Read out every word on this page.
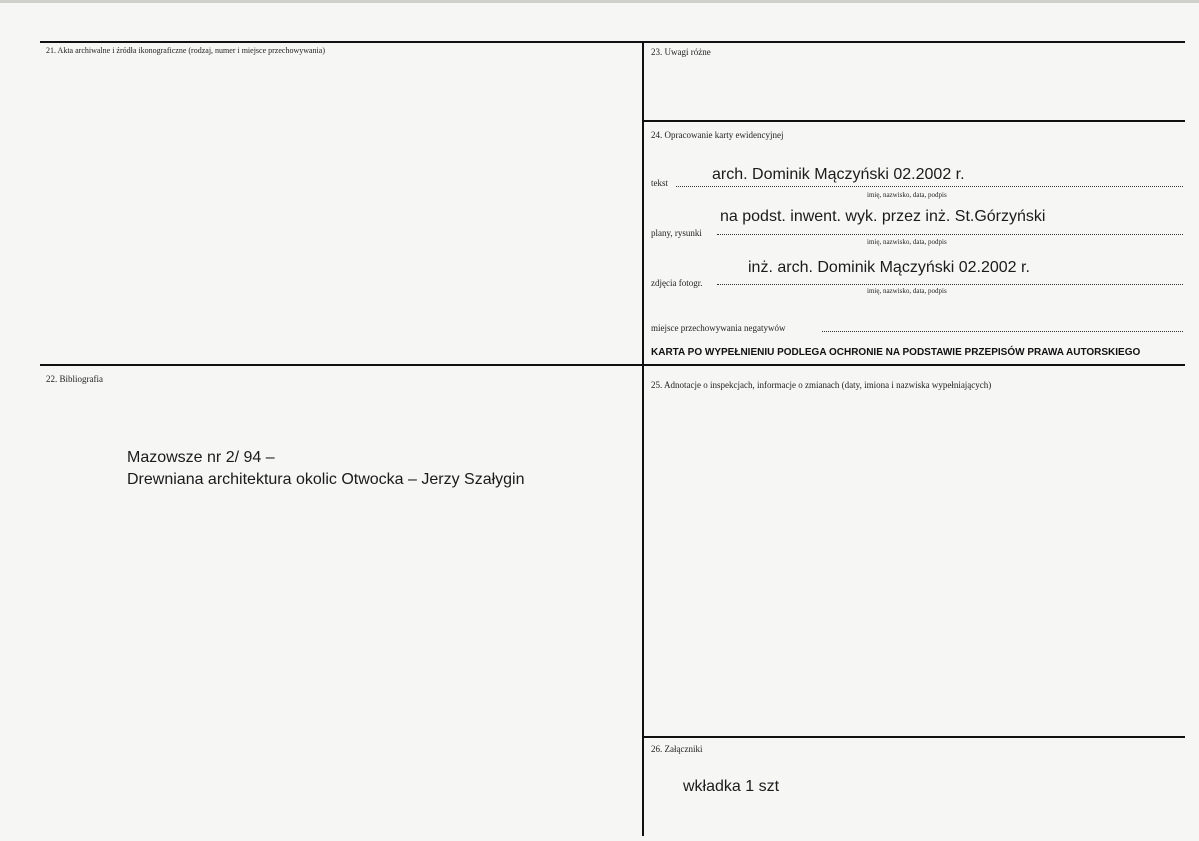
21. Akta archiwalne i źródła ikonograficzne (rodzaj, numer i miejsce przechowywania)
22. Bibliografia
Mazowsze nr 2/ 94 –
Drewniana architektura okolic Otwocka – Jerzy Szałygin
23. Uwagi różne
24. Opracowanie karty ewidencyjnej
tekst	arch. Dominik Mączyński 02.2002 r.
imię, nazwisko, data, podpis
plany, rysunki
na podst. inwent. wyk. przez inż. St.Górzyński
imię, nazwisko, data, podpis
zdjęcia fotogr.
inż. arch. Dominik Mączyński 02.2002 r.
imię, nazwisko, data, podpis
miejsce przechowywania negatywów
KARTA PO WYPEŁNIENIU PODLEGA OCHRONIE NA PODSTAWIE PRZEPISÓW PRAWA AUTORSKIEGO
25. Adnotacje o inspekcjach, informacje o zmianach (daty, imiona i nazwiska wypełniających)
26. Załączniki
wkładka 1 szt
